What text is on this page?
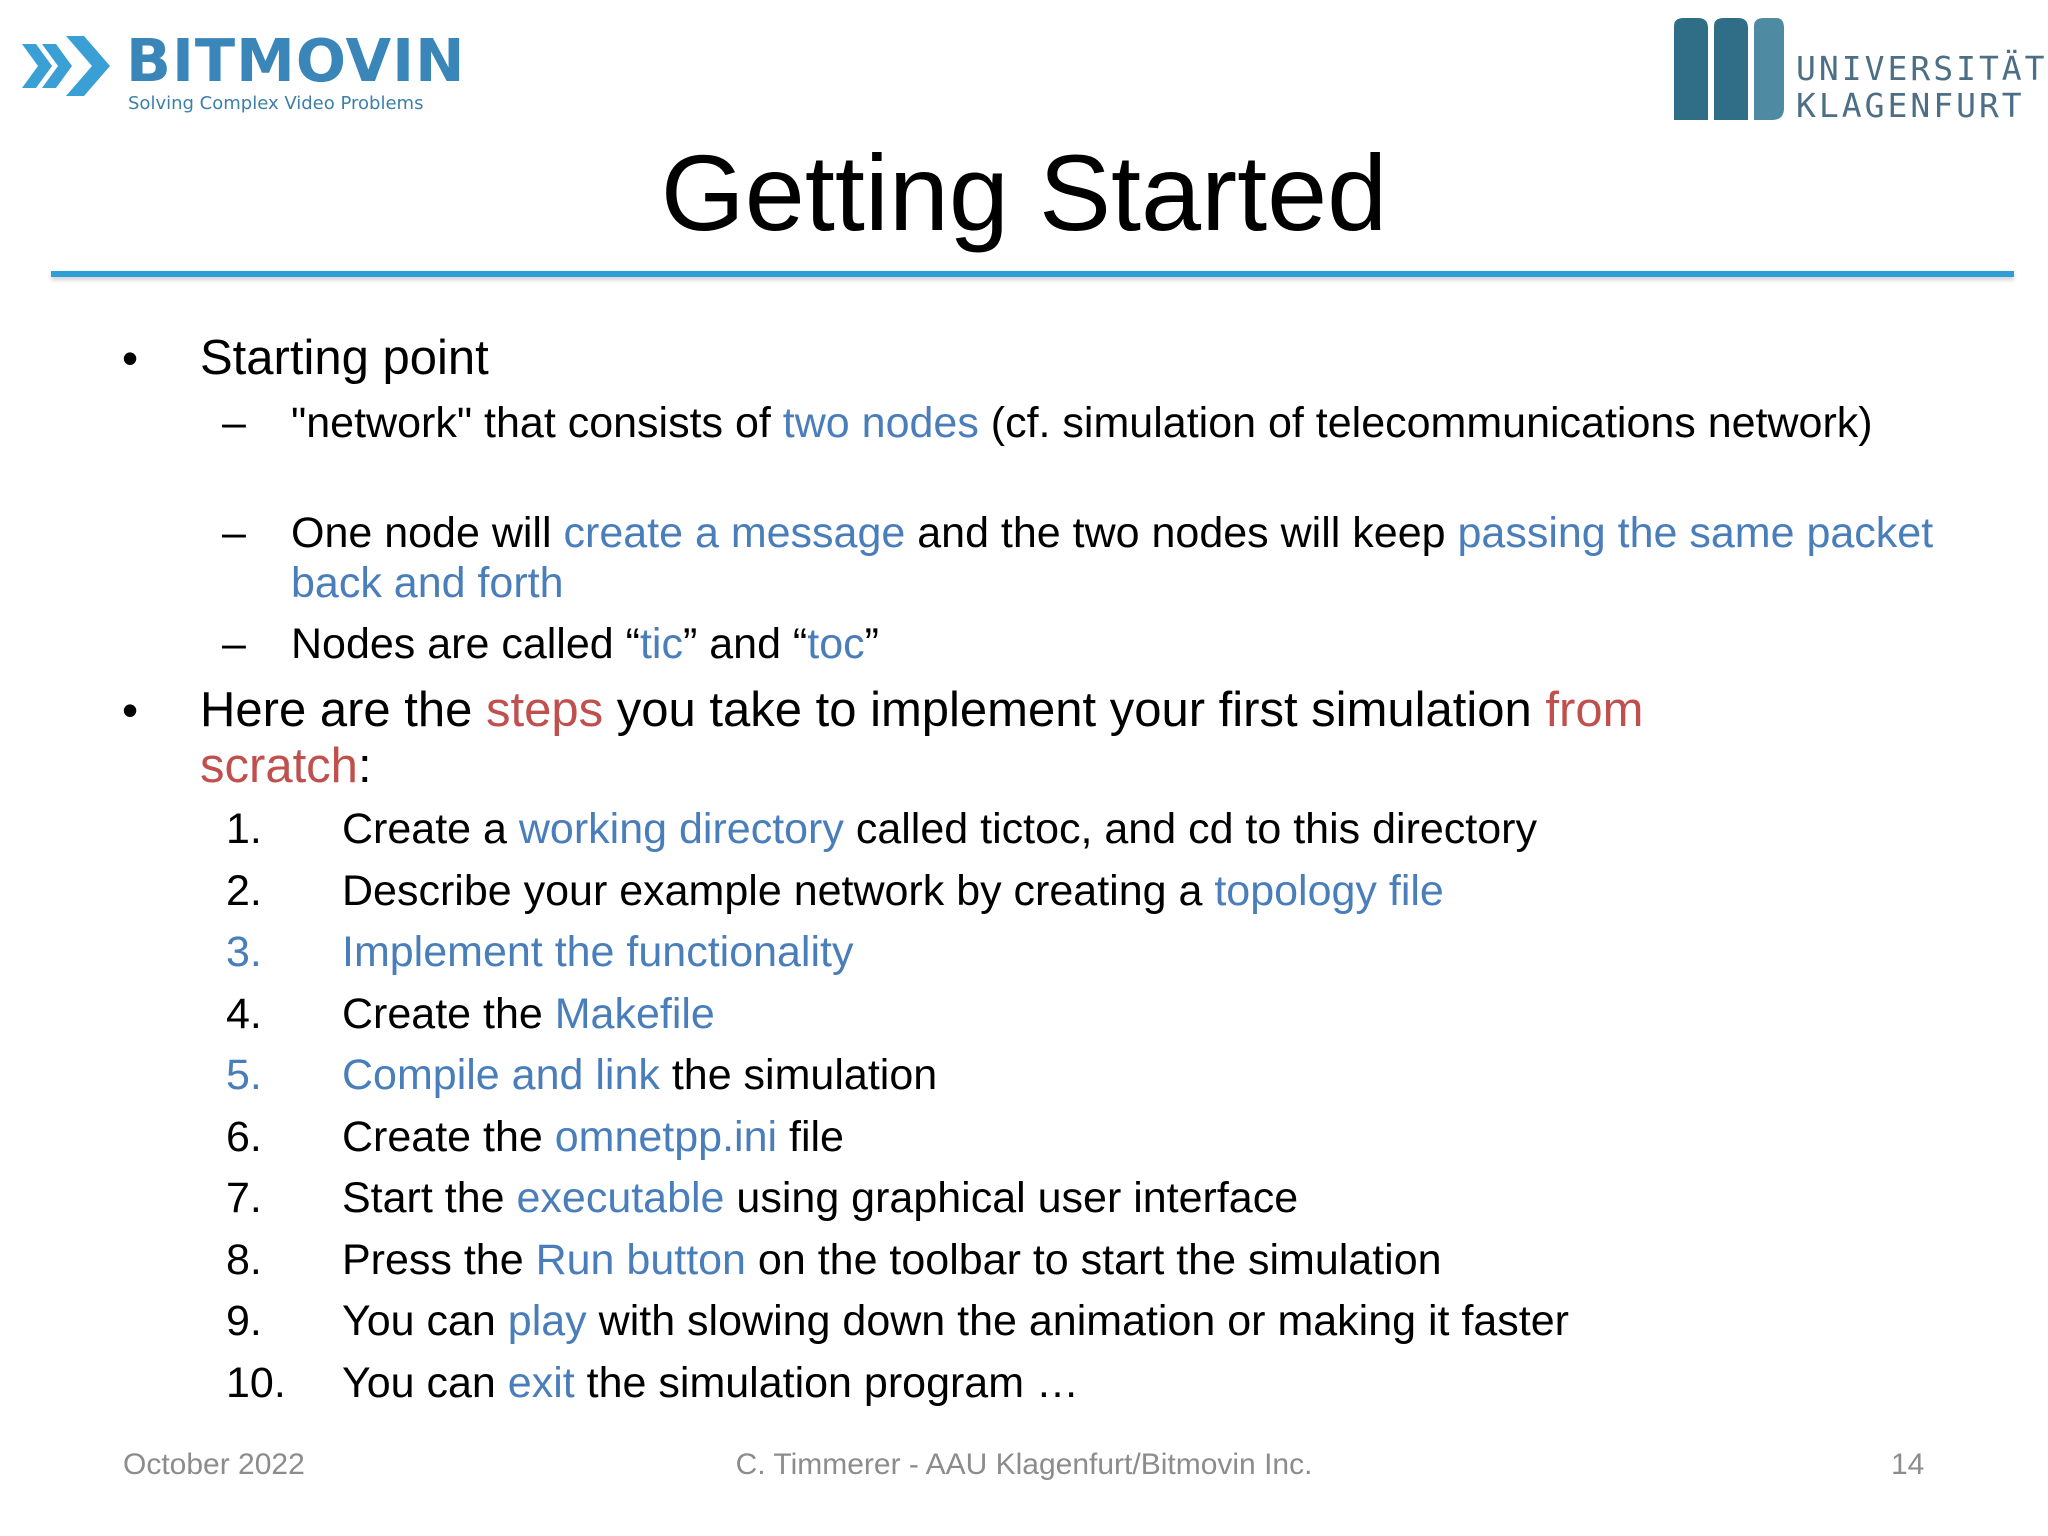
BITMOVIN
Solving Complex Video Problems
UNIVERSITÄT
KLAGENFURT
Getting Started
• Starting point
– "network" that consists of two nodes (cf. simulation of telecommunications network)
– One node will create a message and the two nodes will keep passing the same packet back and forth
– Nodes are called “tic” and “toc”
• Here are the steps you take to implement your first simulation from
scratch:
1. Create a working directory called tictoc, and cd to this directory
2. Describe your example network by creating a topology file
3. Implement the functionality
4. Create the Makefile
5. Compile and link the simulation
6. Create the omnetpp.ini file
7. Start the executable using graphical user interface
8. Press the Run button on the toolbar to start the simulation
9. You can play with slowing down the animation or making it faster
10. You can exit the simulation program …
October 2022	C. Timmerer - AAU Klagenfurt/Bitmovin Inc.	14
